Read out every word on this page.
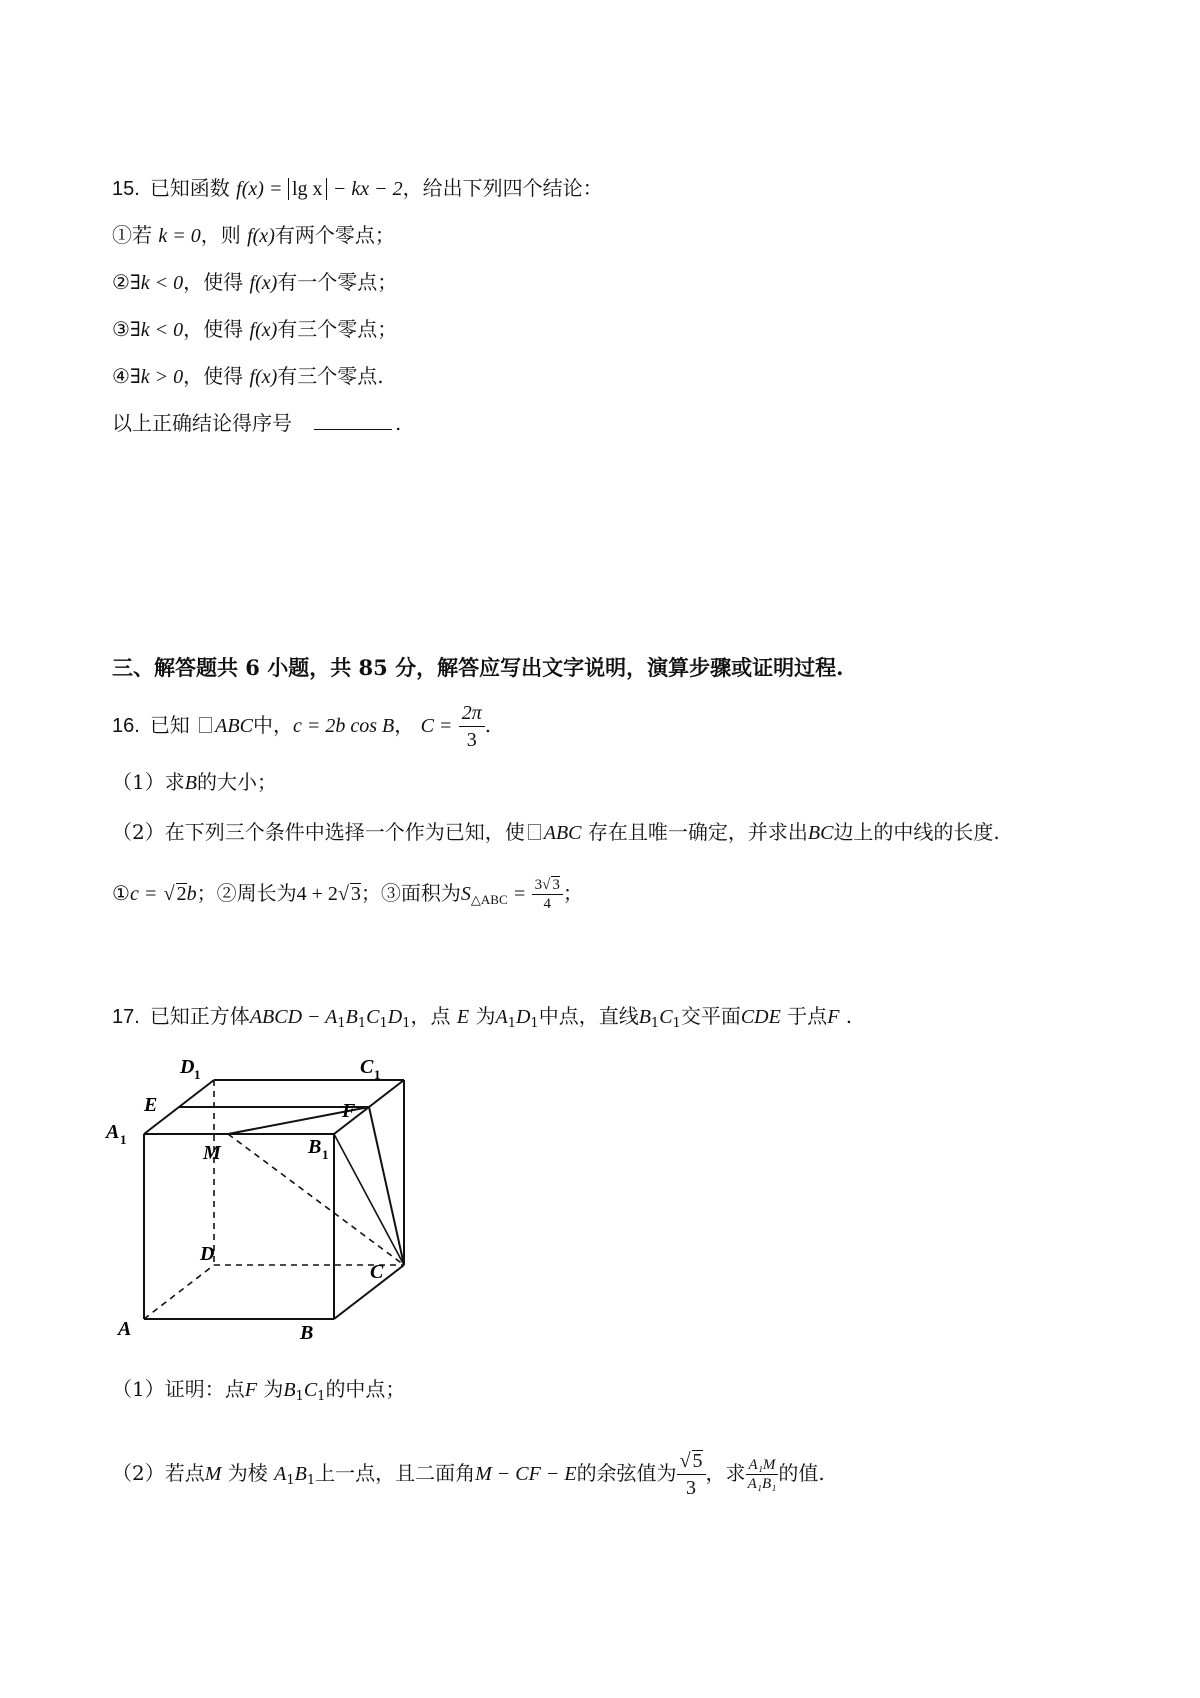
15. 已知函数 f(x) = lg x − kx − 2，给出下列四个结论：
①若 k = 0，则 f(x)有两个零点；
②∃k < 0，使得 f(x)有一个零点；
③∃k < 0，使得 f(x)有三个零点；
④∃k > 0，使得 f(x)有三个零点.
以上正确结论得序号	.
三、解答题共 6 小题，共 85 分，解答应写出文字说明，演算步骤或证明过程.
16. 已知 ABC中，c = 2b cos B， $C = \frac{2\pi}{3}$ .
（1）求B的大小；
（2）在下列三个条件中选择一个作为已知，使 ABC 存在且唯一确定，并求出BC边上的中线的长度.
①c = √ 2b；②周长为4 + 2√ 3；③面积为$S_{\triangle ABC} = \frac{3√ 3}{4}$ ；
17. 已知正方体ABCD − $A_1B_1C_1D_1$，点 E 为$A_1D_1$中点，直线$B_1C_1$交平面CDE 于点F .
D 1	C 1
E	F
A 1
M	B 1
D
C
A	B
（1）证明：点F 为$B_1C_1$的中点；
（2）若点M 为棱 $A_1B_1$上一点，且二面角M − CF − E的余弦值为 $\frac{√ 5}{3}$ ，求 $\frac{\text{A₁M}}{\text{A₁B₁}}$ 的值.
